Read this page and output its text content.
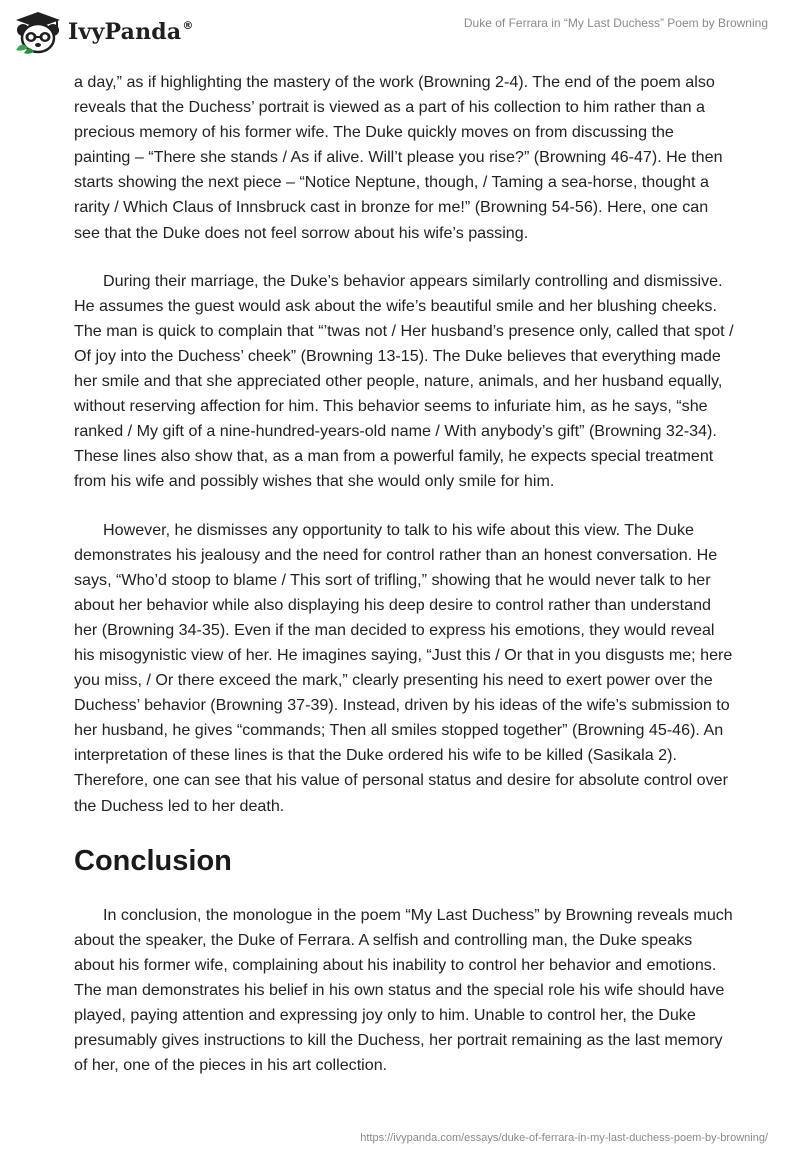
IvyPanda®	Duke of Ferrara in “My Last Duchess” Poem by Browning

a day,” as if highlighting the mastery of the work (Browning 2-4). The end of the poem also reveals that the Duchess’ portrait is viewed as a part of his collection to him rather than a precious memory of his former wife. The Duke quickly moves on from discussing the painting – “There she stands / As if alive. Will’t please you rise?” (Browning 46-47). He then starts showing the next piece – “Notice Neptune, though, / Taming a sea-horse, thought a rarity / Which Claus of Innsbruck cast in bronze for me!” (Browning 54-56). Here, one can see that the Duke does not feel sorrow about his wife’s passing.

During their marriage, the Duke’s behavior appears similarly controlling and dismissive. He assumes the guest would ask about the wife’s beautiful smile and her blushing cheeks. The man is quick to complain that “’twas not / Her husband’s presence only, called that spot / Of joy into the Duchess’ cheek” (Browning 13-15). The Duke believes that everything made her smile and that she appreciated other people, nature, animals, and her husband equally, without reserving affection for him. This behavior seems to infuriate him, as he says, “she ranked / My gift of a nine-hundred-years-old name / With anybody’s gift” (Browning 32-34). These lines also show that, as a man from a powerful family, he expects special treatment from his wife and possibly wishes that she would only smile for him.

However, he dismisses any opportunity to talk to his wife about this view. The Duke demonstrates his jealousy and the need for control rather than an honest conversation. He says, “Who’d stoop to blame / This sort of trifling,” showing that he would never talk to her about her behavior while also displaying his deep desire to control rather than understand her (Browning 34-35). Even if the man decided to express his emotions, they would reveal his misogynistic view of her. He imagines saying, “Just this / Or that in you disgusts me; here you miss, / Or there exceed the mark,” clearly presenting his need to exert power over the Duchess’ behavior (Browning 37-39). Instead, driven by his ideas of the wife’s submission to her husband, he gives “commands; Then all smiles stopped together” (Browning 45-46). An interpretation of these lines is that the Duke ordered his wife to be killed (Sasikala 2). Therefore, one can see that his value of personal status and desire for absolute control over the Duchess led to her death.

Conclusion

In conclusion, the monologue in the poem “My Last Duchess” by Browning reveals much about the speaker, the Duke of Ferrara. A selfish and controlling man, the Duke speaks about his former wife, complaining about his inability to control her behavior and emotions. The man demonstrates his belief in his own status and the special role his wife should have played, paying attention and expressing joy only to him. Unable to control her, the Duke presumably gives instructions to kill the Duchess, her portrait remaining as the last memory of her, one of the pieces in his art collection.

https://ivypanda.com/essays/duke-of-ferrara-in-my-last-duchess-poem-by-browning/
